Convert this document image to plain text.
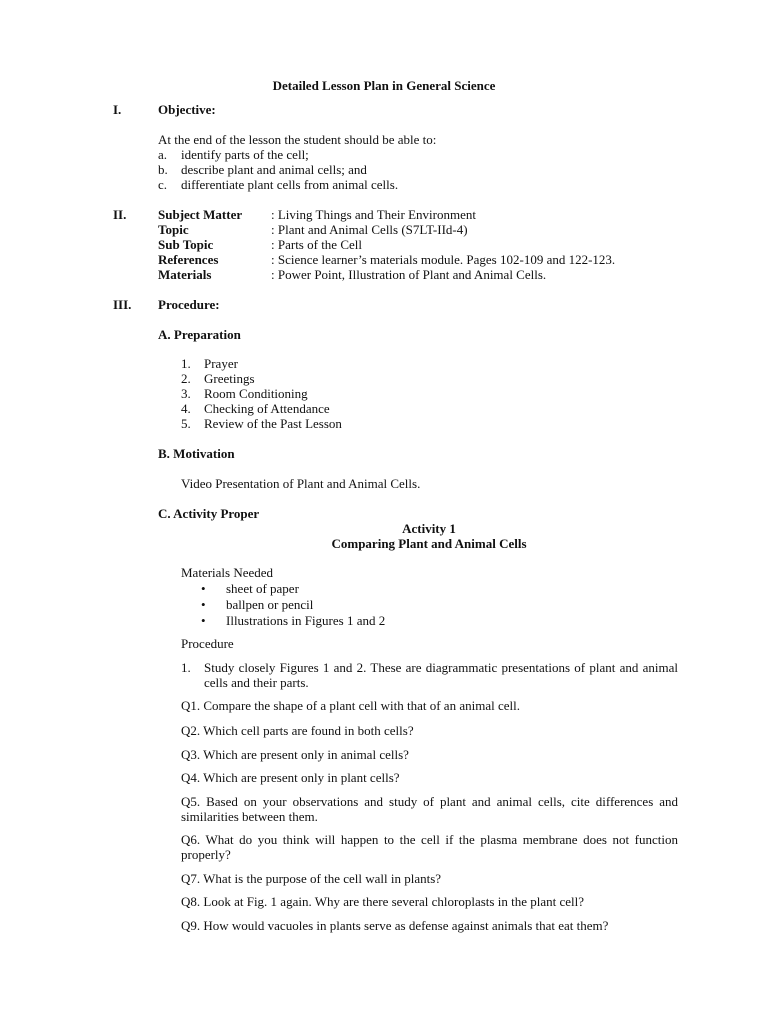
Detailed Lesson Plan in General Science
I.	Objective:
At the end of the lesson the student should be able to:
a. identify parts of the cell;
b. describe plant and animal cells; and
c. differentiate plant cells from animal cells.
II. Subject Matter : Living Things and Their Environment
Topic	: Plant and Animal Cells (S7LT-IId-4)
Sub Topic	: Parts of the Cell
References	: Science learner’s materials module. Pages 102-109 and 122-123.
Materials	: Power Point, Illustration of Plant and Animal Cells.
III. Procedure:
A. Preparation
1. Prayer
2. Greetings
3. Room Conditioning
4. Checking of Attendance
5. Review of the Past Lesson
B. Motivation
Video Presentation of Plant and Animal Cells.
C. Activity Proper
Activity 1
Comparing Plant and Animal Cells
Materials Needed
• sheet of paper
• ballpen or pencil
• Illustrations in Figures 1 and 2
Procedure
1. Study closely Figures 1 and 2. These are diagrammatic presentations of plant and animal cells and their parts.
Q1. Compare the shape of a plant cell with that of an animal cell.
Q2. Which cell parts are found in both cells?
Q3. Which are present only in animal cells?
Q4. Which are present only in plant cells?
Q5. Based on your observations and study of plant and animal cells, cite differences and similarities between them.
Q6. What do you think will happen to the cell if the plasma membrane does not function properly?
Q7. What is the purpose of the cell wall in plants?
Q8. Look at Fig. 1 again. Why are there several chloroplasts in the plant cell?
Q9. How would vacuoles in plants serve as defense against animals that eat them?
